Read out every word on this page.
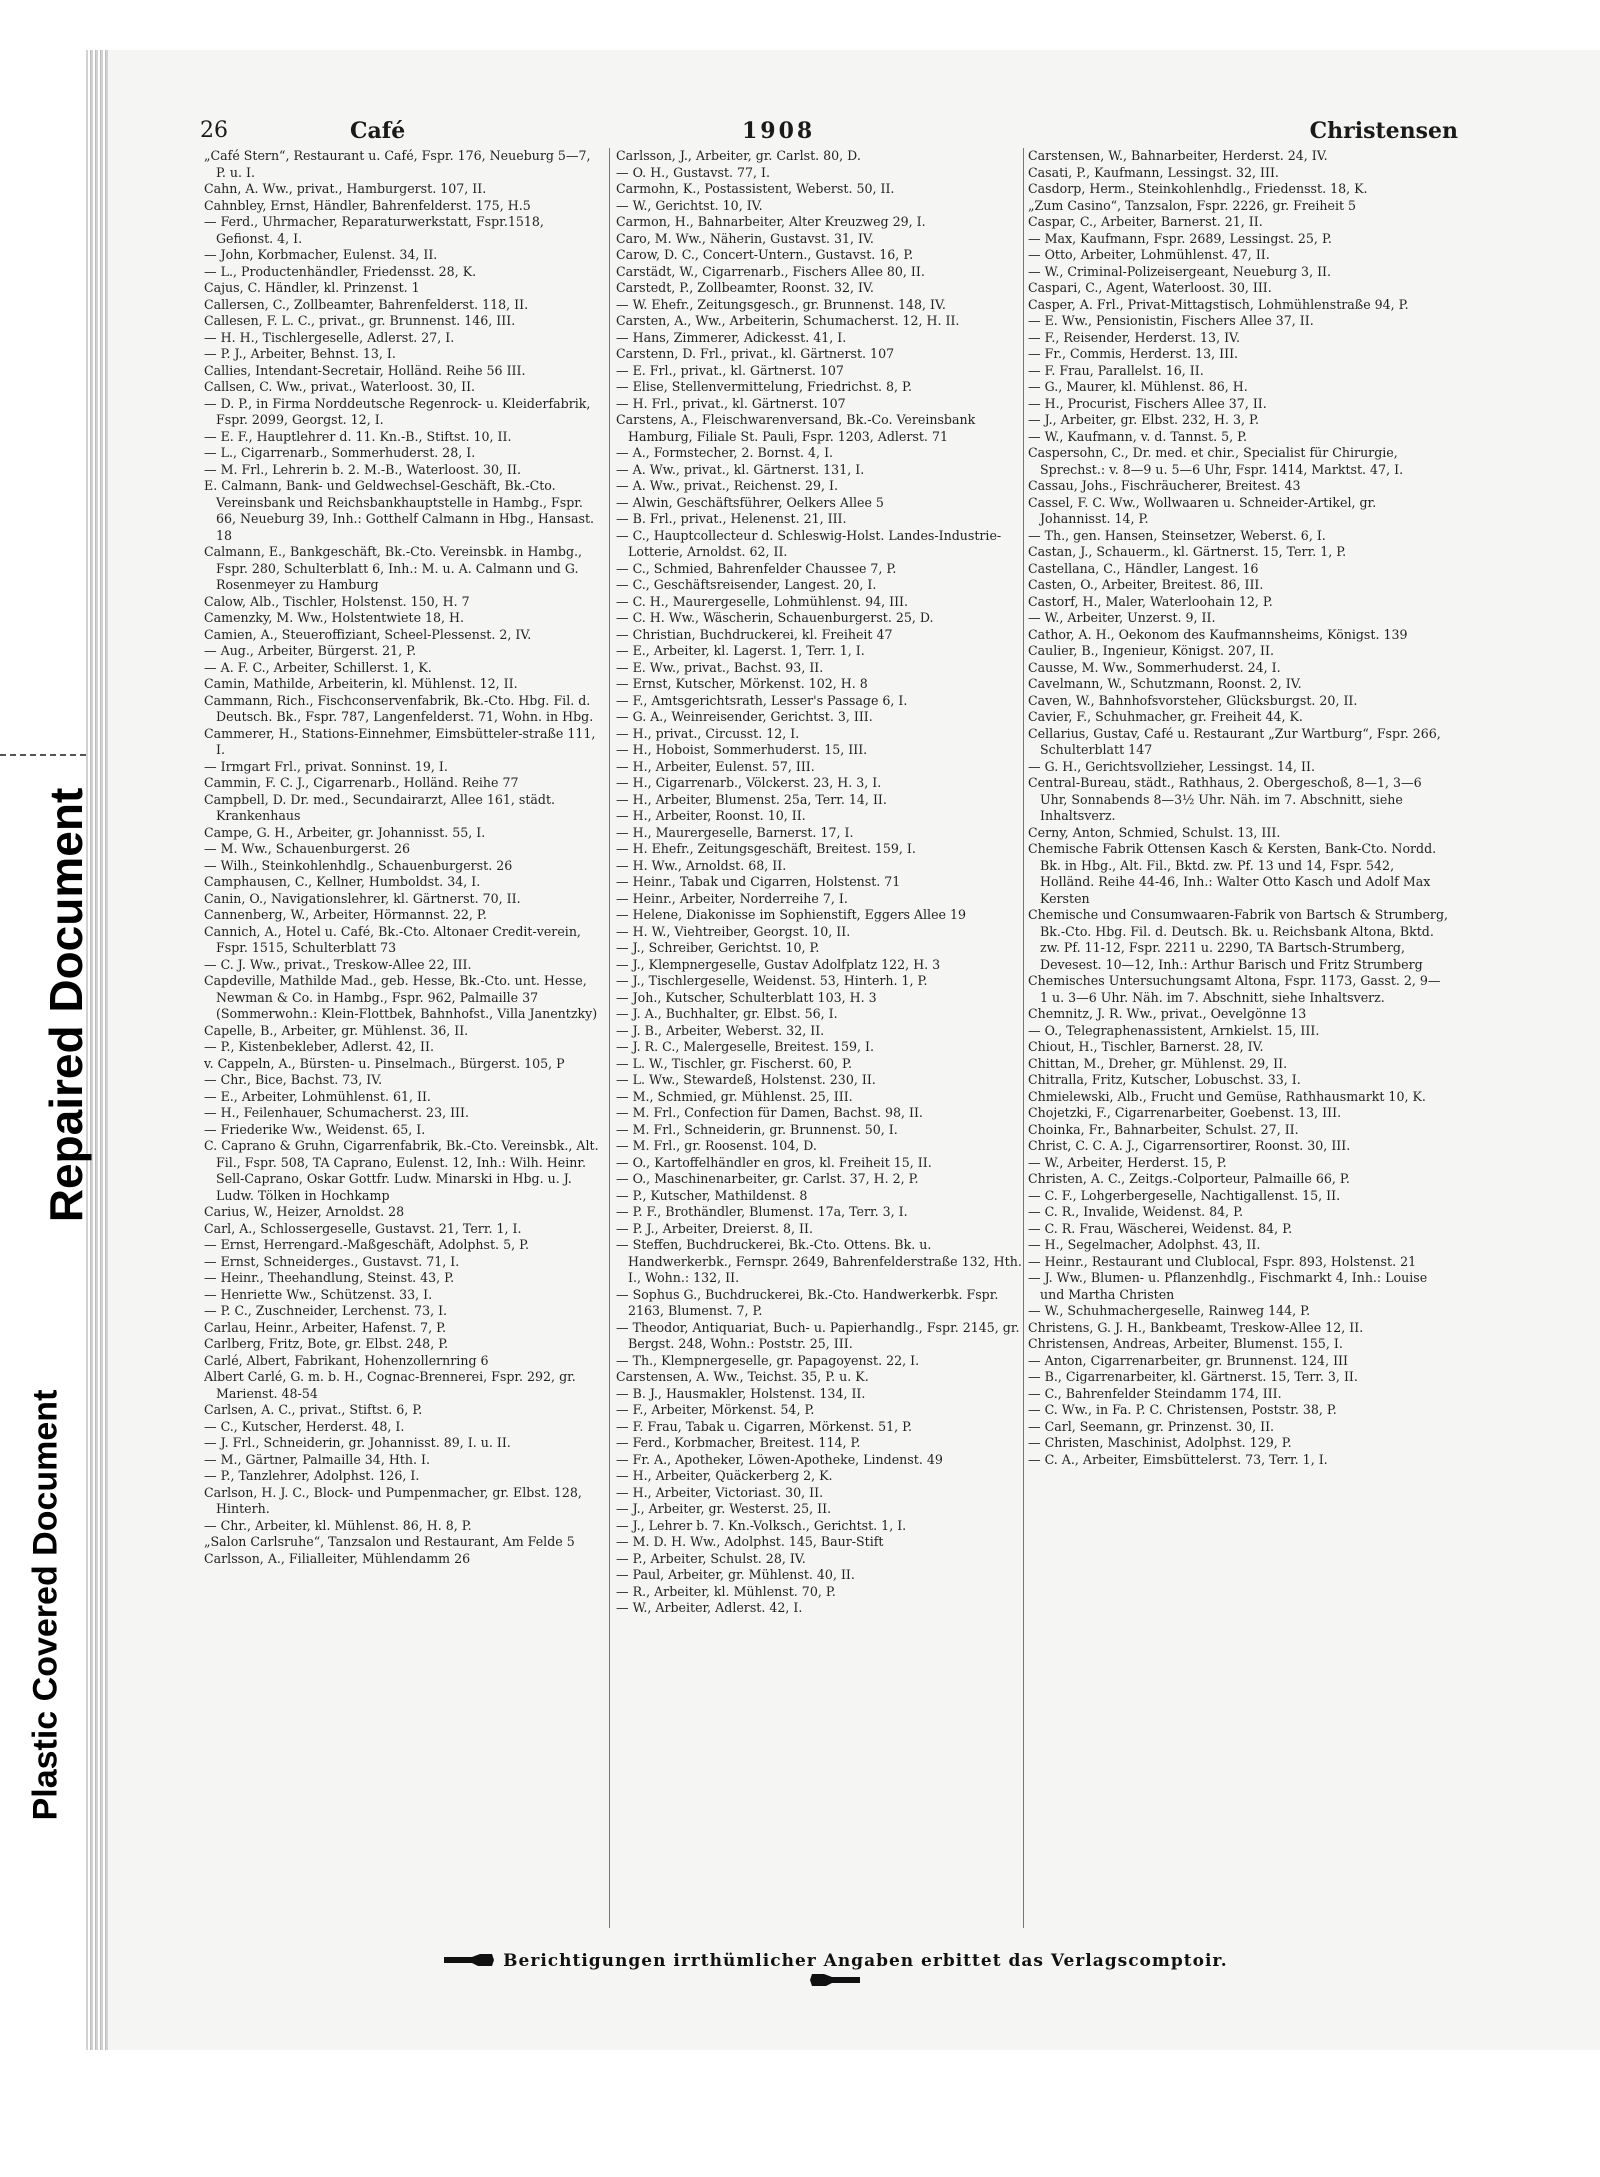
Repaired Document
Plastic Covered Document
26	Café	1908	Christensen
„Café Stern“, Restaurant u. Café, Fspr. 176, Neueburg 5—7, P. u. I.
Cahn, A. Ww., privat., Hamburgerst. 107, II.
Cahnbley, Ernst, Händler, Bahrenfelderst. 175, H.5
— Ferd., Uhrmacher, Reparaturwerkstatt, Fspr.1518, Gefionst. 4, I.
— John, Korbmacher, Eulenst. 34, II.
— L., Productenhändler, Friedensst. 28, K.
Cajus, C. Händler, kl. Prinzenst. 1
Callersen, C., Zollbeamter, Bahrenfelderst. 118, II.
Callesen, F. L. C., privat., gr. Brunnenst. 146, III.
— H. H., Tischlergeselle, Adlerst. 27, I.
— P. J., Arbeiter, Behnst. 13, I.
Callies, Intendant-Secretair, Holländ. Reihe 56 III.
Callsen, C. Ww., privat., Waterloost. 30, II.
— D. P., in Firma Norddeutsche Regenrock- u. Kleiderfabrik, Fspr. 2099, Georgst. 12, I.
— E. F., Hauptlehrer d. 11. Kn.-B., Stiftst. 10, II.
— L., Cigarrenarb., Sommerhuderst. 28, I.
— M. Frl., Lehrerin b. 2. M.-B., Waterloost. 30, II.
E. Calmann, Bank- und Geldwechsel-Geschäft, Bk.-Cto. Vereinsbank und Reichsbankhauptstelle in Hambg., Fspr. 66, Neueburg 39, Inh.: Gotthelf Calmann in Hbg., Hansast. 18
Calmann, E., Bankgeschäft, Bk.-Cto. Vereinsbk. in Hambg., Fspr. 280, Schulterblatt 6, Inh.: M. u. A. Calmann und G. Rosenmeyer zu Hamburg
Calow, Alb., Tischler, Holstenst. 150, H. 7
Camenzky, M. Ww., Holstentwiete 18, H.
Camien, A., Steueroffiziant, Scheel-Plessenst. 2, IV.
— Aug., Arbeiter, Bürgerst. 21, P.
— A. F. C., Arbeiter, Schillerst. 1, K.
Camin, Mathilde, Arbeiterin, kl. Mühlenst. 12, II.
Cammann, Rich., Fischconservenfabrik, Bk.-Cto. Hbg. Fil. d. Deutsch. Bk., Fspr. 787, Langenfelderst. 71, Wohn. in Hbg.
Cammerer, H., Stations-Einnehmer, Eimsbütteler-straße 111, I.
— Irmgart Frl., privat. Sonninst. 19, I.
Cammin, F. C. J., Cigarrenarb., Holländ. Reihe 77
Campbell, D. Dr. med., Secundairarzt, Allee 161, städt. Krankenhaus
Campe, G. H., Arbeiter, gr. Johannisst. 55, I.
— M. Ww., Schauenburgerst. 26
— Wilh., Steinkohlenhdlg., Schauenburgerst. 26
Camphausen, C., Kellner, Humboldst. 34, I.
Canin, O., Navigationslehrer, kl. Gärtnerst. 70, II.
Cannenberg, W., Arbeiter, Hörmannst. 22, P.
Cannich, A., Hotel u. Café, Bk.-Cto. Altonaer Credit-verein, Fspr. 1515, Schulterblatt 73
— C. J. Ww., privat., Treskow-Allee 22, III.
Capdeville, Mathilde Mad., geb. Hesse, Bk.-Cto. unt. Hesse, Newman & Co. in Hambg., Fspr. 962, Palmaille 37 (Sommerwohn.: Klein-Flottbek, Bahnhofst., Villa Janentzky)
Capelle, B., Arbeiter, gr. Mühlenst. 36, II.
— P., Kistenbekleber, Adlerst. 42, II.
v. Cappeln, A., Bürsten- u. Pinselmach., Bürgerst. 105, P
— Chr., Bice, Bachst. 73, IV.
— E., Arbeiter, Lohmühlenst. 61, II.
— H., Feilenhauer, Schumacherst. 23, III.
— Friederike Ww., Weidenst. 65, I.
C. Caprano & Gruhn, Cigarrenfabrik, Bk.-Cto. Vereinsbk., Alt. Fil., Fspr. 508, TA Caprano, Eulenst. 12, Inh.: Wilh. Heinr. Sell-Caprano, Oskar Gottfr. Ludw. Minarski in Hbg. u. J. Ludw. Tölken in Hochkamp
Carius, W., Heizer, Arnoldst. 28
Carl, A., Schlossergeselle, Gustavst. 21, Terr. 1, I.
— Ernst, Herrengard.-Maßgeschäft, Adolphst. 5, P.
— Ernst, Schneiderges., Gustavst. 71, I.
— Heinr., Theehandlung, Steinst. 43, P.
— Henriette Ww., Schützenst. 33, I.
— P. C., Zuschneider, Lerchenst. 73, I.
Carlau, Heinr., Arbeiter, Hafenst. 7, P.
Carlberg, Fritz, Bote, gr. Elbst. 248, P.
Carlé, Albert, Fabrikant, Hohenzollernring 6
Albert Carlé, G. m. b. H., Cognac-Brennerei, Fspr. 292, gr. Marienst. 48-54
Carlsen, A. C., privat., Stiftst. 6, P.
— C., Kutscher, Herderst. 48, I.
— J. Frl., Schneiderin, gr. Johannisst. 89, I. u. II.
— M., Gärtner, Palmaille 34, Hth. I.
— P., Tanzlehrer, Adolphst. 126, I.
Carlson, H. J. C., Block- und Pumpenmacher, gr. Elbst. 128, Hinterh.
— Chr., Arbeiter, kl. Mühlenst. 86, H. 8, P.
„Salon Carlsruhe“, Tanzsalon und Restaurant, Am Felde 5
Carlsson, A., Filialleiter, Mühlendamm 26
Carlsson, J., Arbeiter, gr. Carlst. 80, D.
— O. H., Gustavst. 77, I.
Carmohn, K., Postassistent, Weberst. 50, II.
— W., Gerichtst. 10, IV.
Carmon, H., Bahnarbeiter, Alter Kreuzweg 29, I.
Caro, M. Ww., Näherin, Gustavst. 31, IV.
Carow, D. C., Concert-Untern., Gustavst. 16, P.
Carstädt, W., Cigarrenarb., Fischers Allee 80, II.
Carstedt, P., Zollbeamter, Roonst. 32, IV.
— W. Ehefr., Zeitungsgesch., gr. Brunnenst. 148, IV.
Carsten, A., Ww., Arbeiterin, Schumacherst. 12, H. II.
— Hans, Zimmerer, Adickesst. 41, I.
Carstenn, D. Frl., privat., kl. Gärtnerst. 107
— E. Frl., privat., kl. Gärtnerst. 107
— Elise, Stellenvermittelung, Friedrichst. 8, P.
— H. Frl., privat., kl. Gärtnerst. 107
Carstens, A., Fleischwarenversand, Bk.-Co. Vereinsbank Hamburg, Filiale St. Pauli, Fspr. 1203, Adlerst. 71
— A., Formstecher, 2. Bornst. 4, I.
— A. Ww., privat., kl. Gärtnerst. 131, I.
— A. Ww., privat., Reichenst. 29, I.
— Alwin, Geschäftsführer, Oelkers Allee 5
— B. Frl., privat., Helenenst. 21, III.
— C., Hauptcollecteur d. Schleswig-Holst. Landes-Industrie-Lotterie, Arnoldst. 62, II.
— C., Schmied, Bahrenfelder Chaussee 7, P.
— C., Geschäftsreisender, Langest. 20, I.
— C. H., Maurergeselle, Lohmühlenst. 94, III.
— C. H. Ww., Wäscherin, Schauenburgerst. 25, D.
— Christian, Buchdruckerei, kl. Freiheit 47
— E., Arbeiter, kl. Lagerst. 1, Terr. 1, I.
— E. Ww., privat., Bachst. 93, II.
— Ernst, Kutscher, Mörkenst. 102, H. 8
— F., Amtsgerichtsrath, Lesser's Passage 6, I.
— G. A., Weinreisender, Gerichtst. 3, III.
— H., privat., Circusst. 12, I.
— H., Hoboist, Sommerhuderst. 15, III.
— H., Arbeiter, Eulenst. 57, III.
— H., Cigarrenarb., Völckerst. 23, H. 3, I.
— H., Arbeiter, Blumenst. 25a, Terr. 14, II.
— H., Arbeiter, Roonst. 10, II.
— H., Maurergeselle, Barnerst. 17, I.
— H. Ehefr., Zeitungsgeschäft, Breitest. 159, I.
— H. Ww., Arnoldst. 68, II.
— Heinr., Tabak und Cigarren, Holstenst. 71
— Heinr., Arbeiter, Norderreihe 7, I.
— Helene, Diakonisse im Sophienstift, Eggers Allee 19
— H. W., Viehtreiber, Georgst. 10, II.
— J., Schreiber, Gerichtst. 10, P.
— J., Klempnergeselle, Gustav Adolfplatz 122, H. 3
— J., Tischlergeselle, Weidenst. 53, Hinterh. 1, P.
— Joh., Kutscher, Schulterblatt 103, H. 3
— J. A., Buchhalter, gr. Elbst. 56, I.
— J. B., Arbeiter, Weberst. 32, II.
— J. R. C., Malergeselle, Breitest. 159, I.
— L. W., Tischler, gr. Fischerst. 60, P.
— L. Ww., Stewardeß, Holstenst. 230, II.
— M., Schmied, gr. Mühlenst. 25, III.
— M. Frl., Confection für Damen, Bachst. 98, II.
— M. Frl., Schneiderin, gr. Brunnenst. 50, I.
— M. Frl., gr. Roosenst. 104, D.
— O., Kartoffelhändler en gros, kl. Freiheit 15, II.
— O., Maschinenarbeiter, gr. Carlst. 37, H. 2, P.
— P., Kutscher, Mathildenst. 8
— P. F., Brothändler, Blumenst. 17a, Terr. 3, I.
— P. J., Arbeiter, Dreierst. 8, II.
— Steffen, Buchdruckerei, Bk.-Cto. Ottens. Bk. u. Handwerkerbk., Fernspr. 2649, Bahrenfelderstraße 132, Hth. I., Wohn.: 132, II.
— Sophus G., Buchdruckerei, Bk.-Cto. Handwerkerbk. Fspr. 2163, Blumenst. 7, P.
— Theodor, Antiquariat, Buch- u. Papierhandlg., Fspr. 2145, gr. Bergst. 248, Wohn.: Poststr. 25, III.
— Th., Klempnergeselle, gr. Papagoyenst. 22, I.
Carstensen, A. Ww., Teichst. 35, P. u. K.
— B. J., Hausmakler, Holstenst. 134, II.
— F., Arbeiter, Mörkenst. 54, P.
— F. Frau, Tabak u. Cigarren, Mörkenst. 51, P.
— Ferd., Korbmacher, Breitest. 114, P.
— Fr. A., Apotheker, Löwen-Apotheke, Lindenst. 49
— H., Arbeiter, Quäckerberg 2, K.
— H., Arbeiter, Victoriast. 30, II.
— J., Arbeiter, gr. Westerst. 25, II.
— J., Lehrer b. 7. Kn.-Volksch., Gerichtst. 1, I.
— M. D. H. Ww., Adolphst. 145, Baur-Stift
— P., Arbeiter, Schulst. 28, IV.
— Paul, Arbeiter, gr. Mühlenst. 40, II.
— R., Arbeiter, kl. Mühlenst. 70, P.
— W., Arbeiter, Adlerst. 42, I.
Carstensen, W., Bahnarbeiter, Herderst. 24, IV.
Casati, P., Kaufmann, Lessingst. 32, III.
Casdorp, Herm., Steinkohlenhdlg., Friedensst. 18, K.
„Zum Casino“, Tanzsalon, Fspr. 2226, gr. Freiheit 5
Caspar, C., Arbeiter, Barnerst. 21, II.
— Max, Kaufmann, Fspr. 2689, Lessingst. 25, P.
— Otto, Arbeiter, Lohmühlenst. 47, II.
— W., Criminal-Polizeisergeant, Neueburg 3, II.
Caspari, C., Agent, Waterloost. 30, III.
Casper, A. Frl., Privat-Mittagstisch, Lohmühlenstraße 94, P.
— E. Ww., Pensionistin, Fischers Allee 37, II.
— F., Reisender, Herderst. 13, IV.
— Fr., Commis, Herderst. 13, III.
— F. Frau, Parallelst. 16, II.
— G., Maurer, kl. Mühlenst. 86, H.
— H., Procurist, Fischers Allee 37, II.
— J., Arbeiter, gr. Elbst. 232, H. 3, P.
— W., Kaufmann, v. d. Tannst. 5, P.
Caspersohn, C., Dr. med. et chir., Specialist für Chirurgie, Sprechst.: v. 8—9 u. 5—6 Uhr, Fspr. 1414, Marktst. 47, I.
Cassau, Johs., Fischräucherer, Breitest. 43
Cassel, F. C. Ww., Wollwaaren u. Schneider-Artikel, gr. Johannisst. 14, P.
— Th., gen. Hansen, Steinsetzer, Weberst. 6, I.
Castan, J., Schauerm., kl. Gärtnerst. 15, Terr. 1, P.
Castellana, C., Händler, Langest. 16
Casten, O., Arbeiter, Breitest. 86, III.
Castorf, H., Maler, Waterloohain 12, P.
— W., Arbeiter, Unzerst. 9, II.
Cathor, A. H., Oekonom des Kaufmannsheims, Königst. 139
Caulier, B., Ingenieur, Königst. 207, II.
Causse, M. Ww., Sommerhuderst. 24, I.
Cavelmann, W., Schutzmann, Roonst. 2, IV.
Caven, W., Bahnhofsvorsteher, Glücksburgst. 20, II.
Cavier, F., Schuhmacher, gr. Freiheit 44, K.
Cellarius, Gustav, Café u. Restaurant „Zur Wartburg“, Fspr. 266, Schulterblatt 147
— G. H., Gerichtsvollzieher, Lessingst. 14, II.
Central-Bureau, städt., Rathhaus, 2. Obergeschoß, 8—1, 3—6 Uhr, Sonnabends 8—3½ Uhr. Näh. im 7. Abschnitt, siehe Inhaltsverz.
Cerny, Anton, Schmied, Schulst. 13, III.
Chemische Fabrik Ottensen Kasch & Kersten, Bank-Cto. Nordd. Bk. in Hbg., Alt. Fil., Bktd. zw. Pf. 13 und 14, Fspr. 542, Holländ. Reihe 44-46, Inh.: Walter Otto Kasch und Adolf Max Kersten
Chemische und Consumwaaren-Fabrik von Bartsch & Strumberg, Bk.-Cto. Hbg. Fil. d. Deutsch. Bk. u. Reichsbank Altona, Bktd. zw. Pf. 11-12, Fspr. 2211 u. 2290, TA Bartsch-Strumberg, Devesest. 10—12, Inh.: Arthur Barisch und Fritz Strumberg
Chemisches Untersuchungsamt Altona, Fspr. 1173, Gasst. 2, 9—1 u. 3—6 Uhr. Näh. im 7. Abschnitt, siehe Inhaltsverz.
Chemnitz, J. R. Ww., privat., Oevelgönne 13
— O., Telegraphenassistent, Arnkielst. 15, III.
Chiout, H., Tischler, Barnerst. 28, IV.
Chittan, M., Dreher, gr. Mühlenst. 29, II.
Chitralla, Fritz, Kutscher, Lobuschst. 33, I.
Chmielewski, Alb., Frucht und Gemüse, Rathhausmarkt 10, K.
Chojetzki, F., Cigarrenarbeiter, Goebenst. 13, III.
Choinka, Fr., Bahnarbeiter, Schulst. 27, II.
Christ, C. C. A. J., Cigarrensortirer, Roonst. 30, III.
— W., Arbeiter, Herderst. 15, P.
Christen, A. C., Zeitgs.-Colporteur, Palmaille 66, P.
— C. F., Lohgerbergeselle, Nachtigallenst. 15, II.
— C. R., Invalide, Weidenst. 84, P.
— C. R. Frau, Wäscherei, Weidenst. 84, P.
— H., Segelmacher, Adolphst. 43, II.
— Heinr., Restaurant und Clublocal, Fspr. 893, Holstenst. 21
— J. Ww., Blumen- u. Pflanzenhdlg., Fischmarkt 4, Inh.: Louise und Martha Christen
— W., Schuhmachergeselle, Rainweg 144, P.
Christens, G. J. H., Bankbeamt, Treskow-Allee 12, II.
Christensen, Andreas, Arbeiter, Blumenst. 155, I.
— Anton, Cigarrenarbeiter, gr. Brunnenst. 124, III
— B., Cigarrenarbeiter, kl. Gärtnerst. 15, Terr. 3, II.
— C., Bahrenfelder Steindamm 174, III.
— C. Ww., in Fa. P. C. Christensen, Poststr. 38, P.
— Carl, Seemann, gr. Prinzenst. 30, II.
— Christen, Maschinist, Adolphst. 129, P.
— C. A., Arbeiter, Eimsbüttelerst. 73, Terr. 1, I.
Berichtigungen irrthümlicher Angaben erbittet das Verlagscomptoir.
